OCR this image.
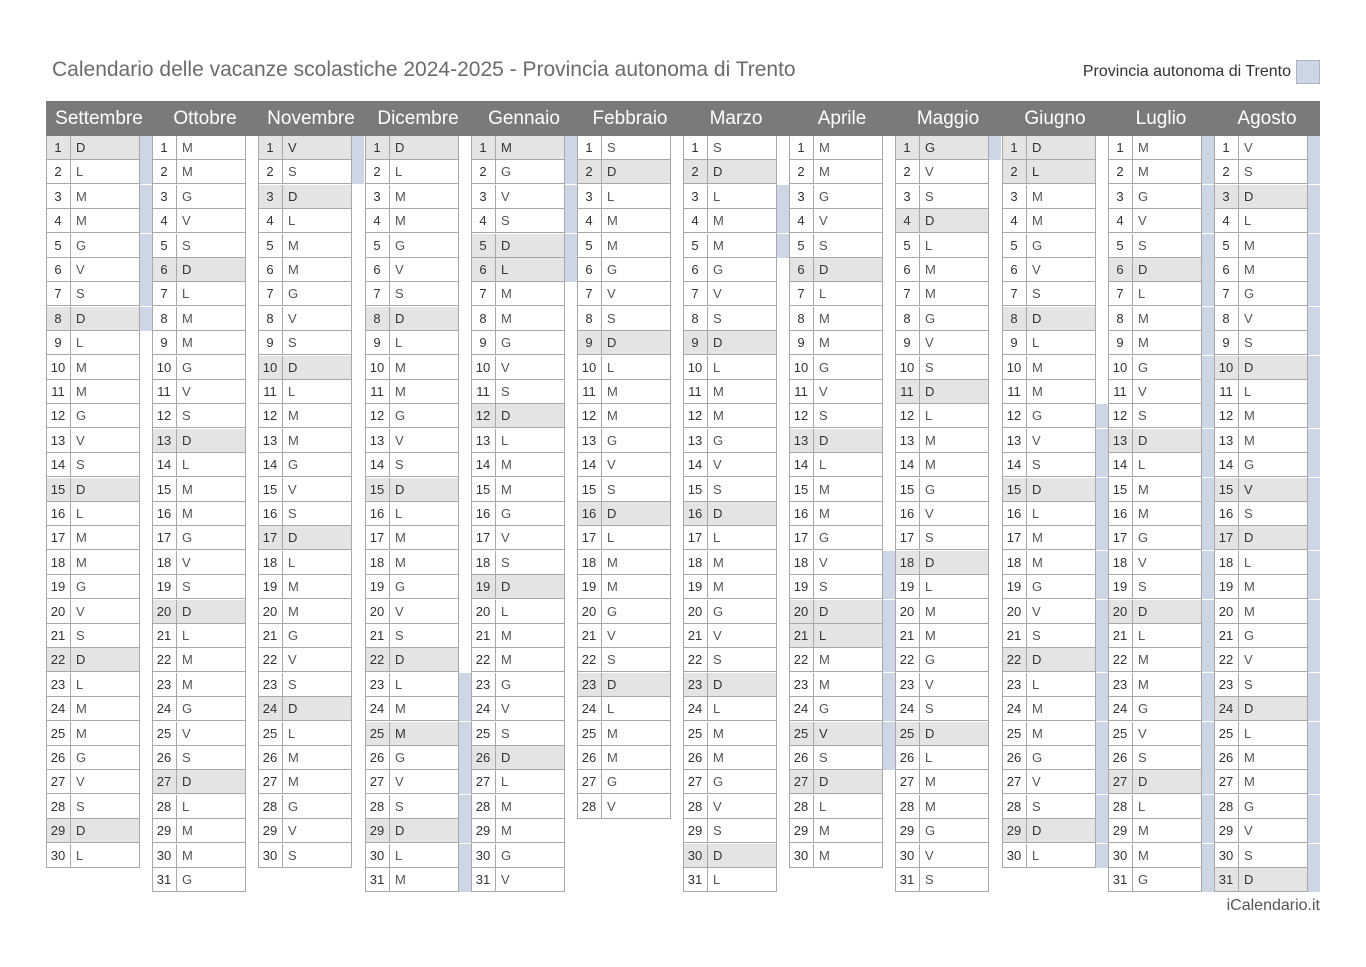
Calendario delle vacanze scolastiche 2024-2025 - Provincia autonoma di Trento	Provincia autonoma di Trento
Settembre	Ottobre	Novembre	Dicembre	Gennaio	Febbraio	Marzo	Aprile	Maggio	Giugno	Luglio	Agosto
1	D
2	L
3	M
4	M
5	G
6	V
7	S
8	D
9	L
10 M
11 M
12 G
13 V
14 S
15 D
16 L
17 M
18 M
19 G
20 V
21 S
22 D
23 L
24 M
25 M
26 G
27 V
28 S
29 D
30 L
1	M
2	M
3	G
4	V
5	S
6	D
7	L
8	M
9	M
10 G
11 V
12 S
13 D
14 L
15 M
16 M
17 G
18 V
19 S
20 D
21 L
22 M
23 M
24 G
25 V
26 S
27 D
28 L
29 M
30 M
31 G
1	V
2	S
3	D
4	L
5	M
6	M
7	G
8	V
9	S
10 D
11 L
12 M
13 M
14 G
15 V
16 S
17 D
18 L
19 M
20 M
21 G
22 V
23 S
24 D
25 L
26 M
27 M
28 G
29 V
30 S
1	D
2	L
3	M
4	M
5	G
6	V
7	S
8	D
9	L
10 M
11 M
12 G
13 V
14 S
15 D
16 L
17 M
18 M
19 G
20 V
21 S
22 D
23 L
24 M
25 M
26 G
27 V
28 S
29 D
30 L
31 M
1	M
2	G
3	V
4	S
5	D
6	L
7	M
8	M
9	G
10 V
11 S
12 D
13 L
14 M
15 M
16 G
17 V
18 S
19 D
20 L
21 M
22 M
23 G
24 V
25 S
26 D
27 L
28 M
29 M
30 G
31 V
1	S
2	D
3	L
4	M
5	M
6	G
7	V
8	S
9	D
10 L
11 M
12 M
13 G
14 V
15 S
16 D
17 L
18 M
19 M
20 G
21 V
22 S
23 D
24 L
25 M
26 M
27 G
28 V
1	S
2	D
3	L
4	M
5	M
6	G
7	V
8	S
9	D
10 L
11 M
12 M
13 G
14 V
15 S
16 D
17 L
18 M
19 M
20 G
21 V
22 S
23 D
24 L
25 M
26 M
27 G
28 V
29 S
30 D
31 L
1	M
2	M
3	G
4	V
5	S
6	D
7	L
8	M
9	M
10 G
11 V
12 S
13 D
14 L
15 M
16 M
17 G
18 V
19 S
20 D
21 L
22 M
23 M
24 G
25 V
26 S
27 D
28 L
29 M
30 M
1	G
2	V
3	S
4	D
5	L
6	M
7	M
8	G
9	V
10 S
11 D
12 L
13 M
14 M
15 G
16 V
17 S
18 D
19 L
20 M
21 M
22 G
23 V
24 S
25 D
26 L
27 M
28 M
29 G
30 V
31 S
1	D
2	L
3	M
4	M
5	G
6	V
7	S
8	D
9	L
10 M
11 M
12 G
13 V
14 S
15 D
16 L
17 M
18 M
19 G
20 V
21 S
22 D
23 L
24 M
25 M
26 G
27 V
28 S
29 D
30 L
1	M
2	M
3	G
4	V
5	S
6	D
7	L
8	M
9	M
10 G
11 V
12 S
13 D
14 L
15 M
16 M
17 G
18 V
19 S
20 D
21 L
22 M
23 M
24 G
25 V
26 S
27 D
28 L
29 M
30 M
31 G
1	V
2	S
3	D
4	L
5	M
6	M
7	G
8	V
9	S
10 D
11 L
12 M
13 M
14 G
15 V
16 S
17 D
18 L
19 M
20 M
21 G
22 V
23 S
24 D
25 L
26 M
27 M
28 G
29 V
30 S
31 D
iCalendario.it
